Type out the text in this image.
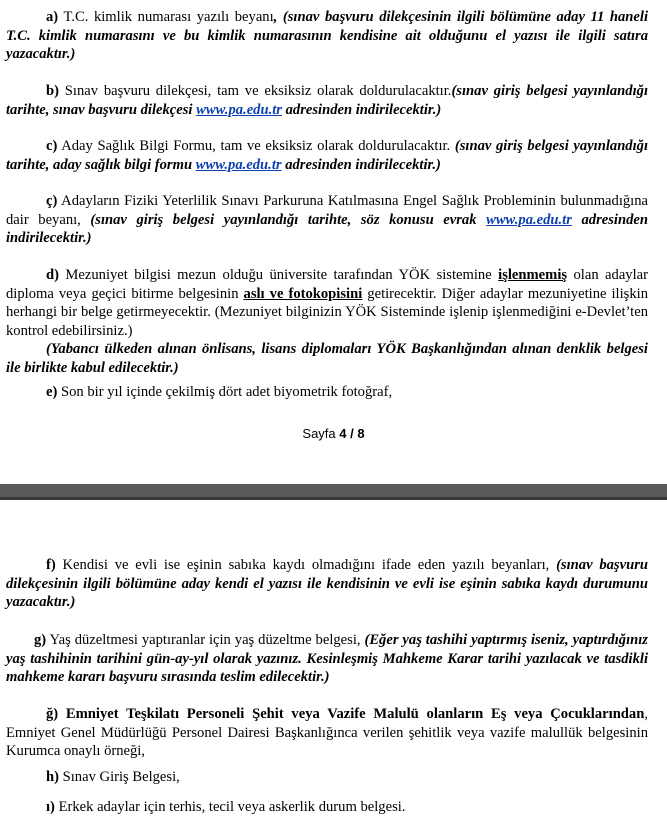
a) T.C. kimlik numarası yazılı beyanı, (sınav başvuru dilekçesinin ilgili bölümüne aday 11 haneli T.C. kimlik numarasını ve bu kimlik numarasının kendisine ait olduğunu el yazısı ile ilgili satıra yazacaktır.)
b) Sınav başvuru dilekçesi, tam ve eksiksiz olarak doldurulacaktır.(sınav giriş belgesi yayınlandığı tarihte, sınav başvuru dilekçesi www.pa.edu.tr adresinden indirilecektir.)
c) Aday Sağlık Bilgi Formu, tam ve eksiksiz olarak doldurulacaktır. (sınav giriş belgesi yayınlandığı tarihte, aday sağlık bilgi formu www.pa.edu.tr adresinden indirilecektir.)
ç) Adayların Fiziki Yeterlilik Sınavı Parkuruna Katılmasına Engel Sağlık Probleminin bulunmadığına dair beyanı, (sınav giriş belgesi yayınlandığı tarihte, söz konusu evrak www.pa.edu.tr adresinden indirilecektir.)
d) Mezuniyet bilgisi mezun olduğu üniversite tarafından YÖK sistemine işlenmemiş olan adaylar diploma veya geçici bitirme belgesinin aslı ve fotokopisini getirecektir. Diğer adaylar mezuniyetine ilişkin herhangi bir belge getirmeyecektir. (Mezuniyet bilginizin YÖK Sisteminde işlenip işlenmediğini e-Devlet’ten kontrol edebilirsiniz.)
(Yabancı ülkeden alınan önlisans, lisans diplomaları YÖK Başkanlığından alınan denklik belgesi ile birlikte kabul edilecektir.)
e) Son bir yıl içinde çekilmiş dört adet biyometrik fotoğraf,
Sayfa 4 / 8
f) Kendisi ve evli ise eşinin sabıka kaydı olmadığını ifade eden yazılı beyanları, (sınav başvuru dilekçesinin ilgili bölümüne aday kendi el yazısı ile kendisinin ve evli ise eşinin sabıka kaydı durumunu yazacaktır.)
g) Yaş düzeltmesi yaptıranlar için yaş düzeltme belgesi, (Eğer yaş tashihi yaptırmış iseniz, yaptırdığınız yaş tashihinin tarihini gün-ay-yıl olarak yazınız. Kesinleşmiş Mahkeme Karar tarihi yazılacak ve tasdikli mahkeme kararı başvuru sırasında teslim edilecektir.)
ğ) Emniyet Teşkilatı Personeli Şehit veya Vazife Malulü olanların Eş veya Çocuklarından, Emniyet Genel Müdürlüğü Personel Dairesi Başkanlığınca verilen şehitlik veya vazife malullük belgesinin Kurumca onaylı örneği,
h) Sınav Giriş Belgesi,
ı) Erkek adaylar için terhis, tecil veya askerlik durum belgesi.
